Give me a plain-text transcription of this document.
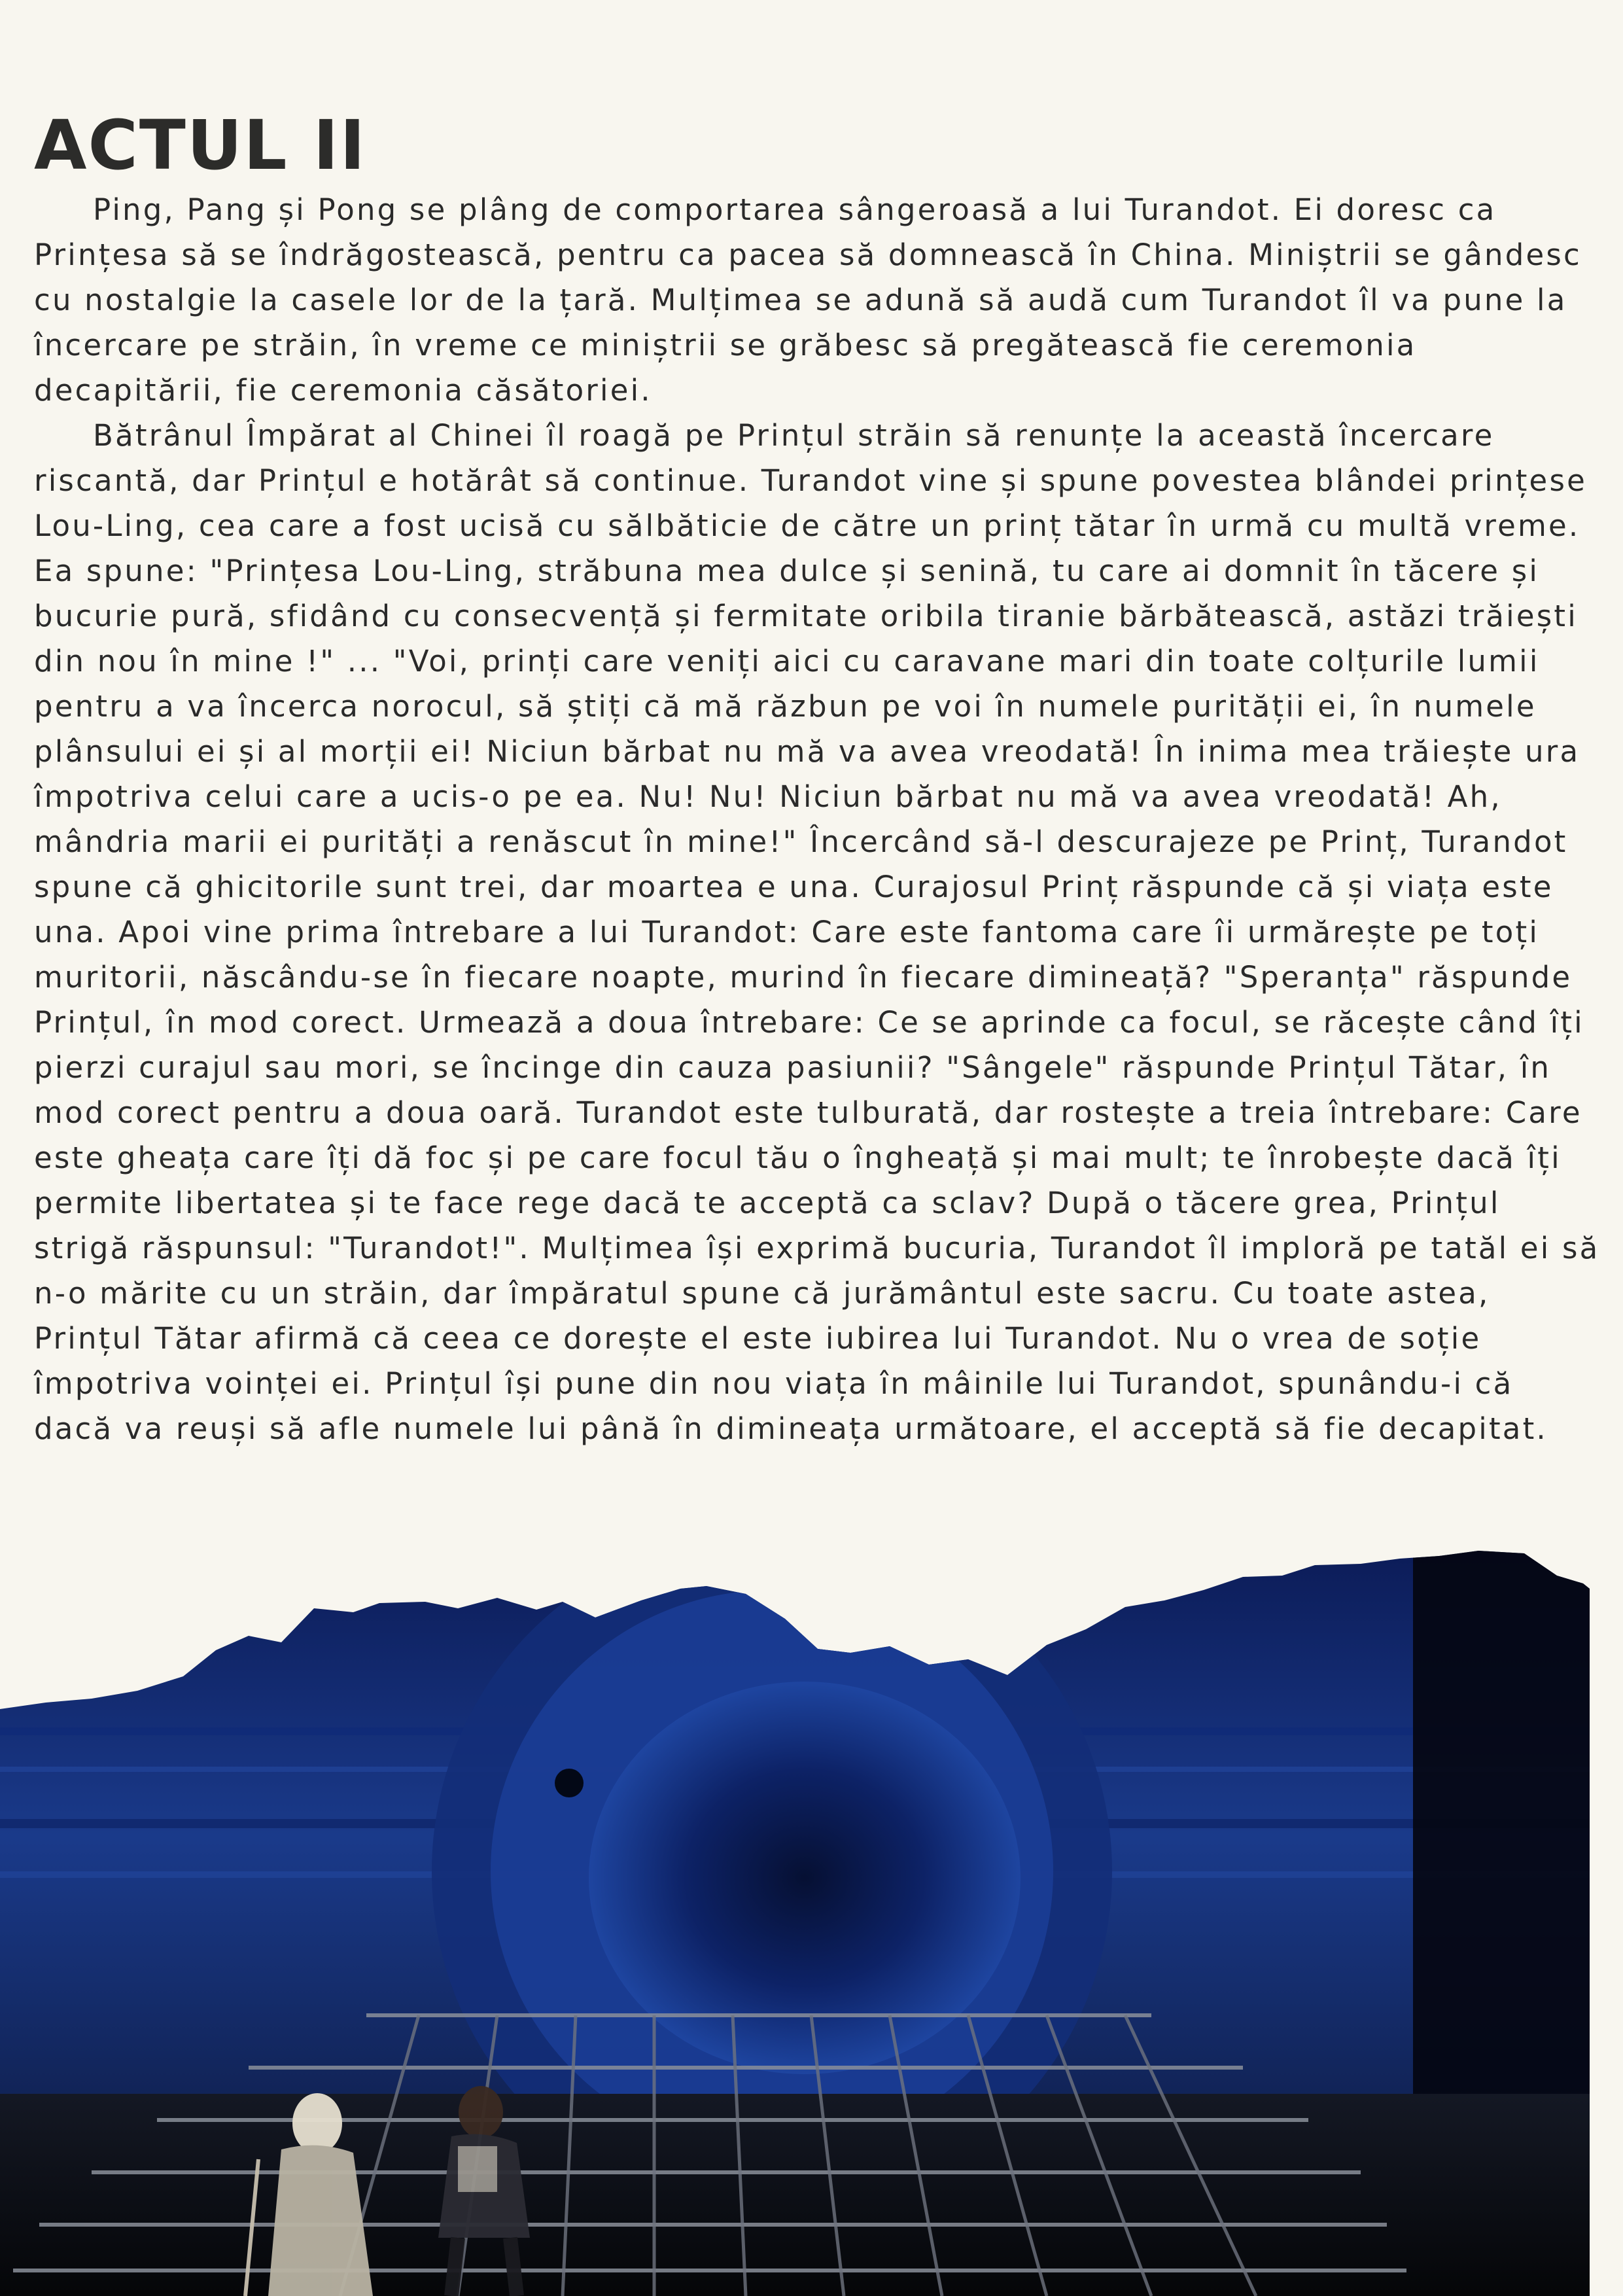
ACTUL II

Ping, Pang și Pong se plâng de comportarea sângeroasă a lui Turandot. Ei doresc ca Prințesa să se îndrăgostească, pentru ca pacea să domnească în China. Miniștrii se gândesc cu nostalgie la casele lor de la țară. Mulțimea se adună să audă cum Turandot îl va pune la încercare pe străin, în vreme ce miniștrii se grăbesc să pregătească fie ceremonia decapitării, fie ceremonia căsătoriei.

Bătrânul Împărat al Chinei îl roagă pe Prințul străin să renunțe la această încercare riscantă, dar Prințul e hotărât să continue. Turandot vine și spune povestea blândei prințese Lou-Ling, cea care a fost ucisă cu sălbăticie de către un prinț tătar în urmă cu multă vreme. Ea spune: "Prințesa Lou-Ling, străbuna mea dulce și senină, tu care ai domnit în tăcere și bucurie pură, sfidând cu consecvență și fermitate oribila tiranie bărbătească, astăzi trăiești din nou în mine !" ... "Voi, prinți care veniți aici cu caravane mari din toate colțurile lumii pentru a va încerca norocul, să știți că mă răzbun pe voi în numele purității ei, în numele plânsului ei și al morții ei! Niciun bărbat nu mă va avea vreodată! În inima mea trăiește ura împotriva celui care a ucis-o pe ea. Nu! Nu! Niciun bărbat nu mă va avea vreodată! Ah, mândria marii ei purități a renăscut în mine!" Încercând să-l descurajeze pe Prinț, Turandot spune că ghicitorile sunt trei, dar moartea e una. Curajosul Prinț răspunde că și viața este una. Apoi vine prima întrebare a lui Turandot: Care este fantoma care îi urmărește pe toți muritorii, născându-se în fiecare noapte, murind în fiecare dimineață? "Speranța" răspunde Prințul, în mod corect. Urmează a doua întrebare: Ce se aprinde ca focul, se răcește când îți pierzi curajul sau mori, se încinge din cauza pasiunii? "Sângele" răspunde Prințul Tătar, în mod corect pentru a doua oară. Turandot este tulburată, dar rostește a treia întrebare: Care este gheața care îți dă foc și pe care focul tău o îngheață și mai mult; te înrobește dacă îți permite libertatea și te face rege dacă te acceptă ca sclav? După o tăcere grea, Prințul strigă răspunsul: "Turandot!". Mulțimea își exprimă bucuria, Turandot îl imploră pe tatăl ei să n-o mărite cu un străin, dar împăratul spune că jurământul este sacru. Cu toate astea, Prințul Tătar afirmă că ceea ce dorește el este iubirea lui Turandot. Nu o vrea de soție împotriva voinței ei. Prințul își pune din nou viața în mâinile lui Turandot, spunându-i că dacă va reuși să afle numele lui până în dimineața următoare, el acceptă să fie decapitat.
